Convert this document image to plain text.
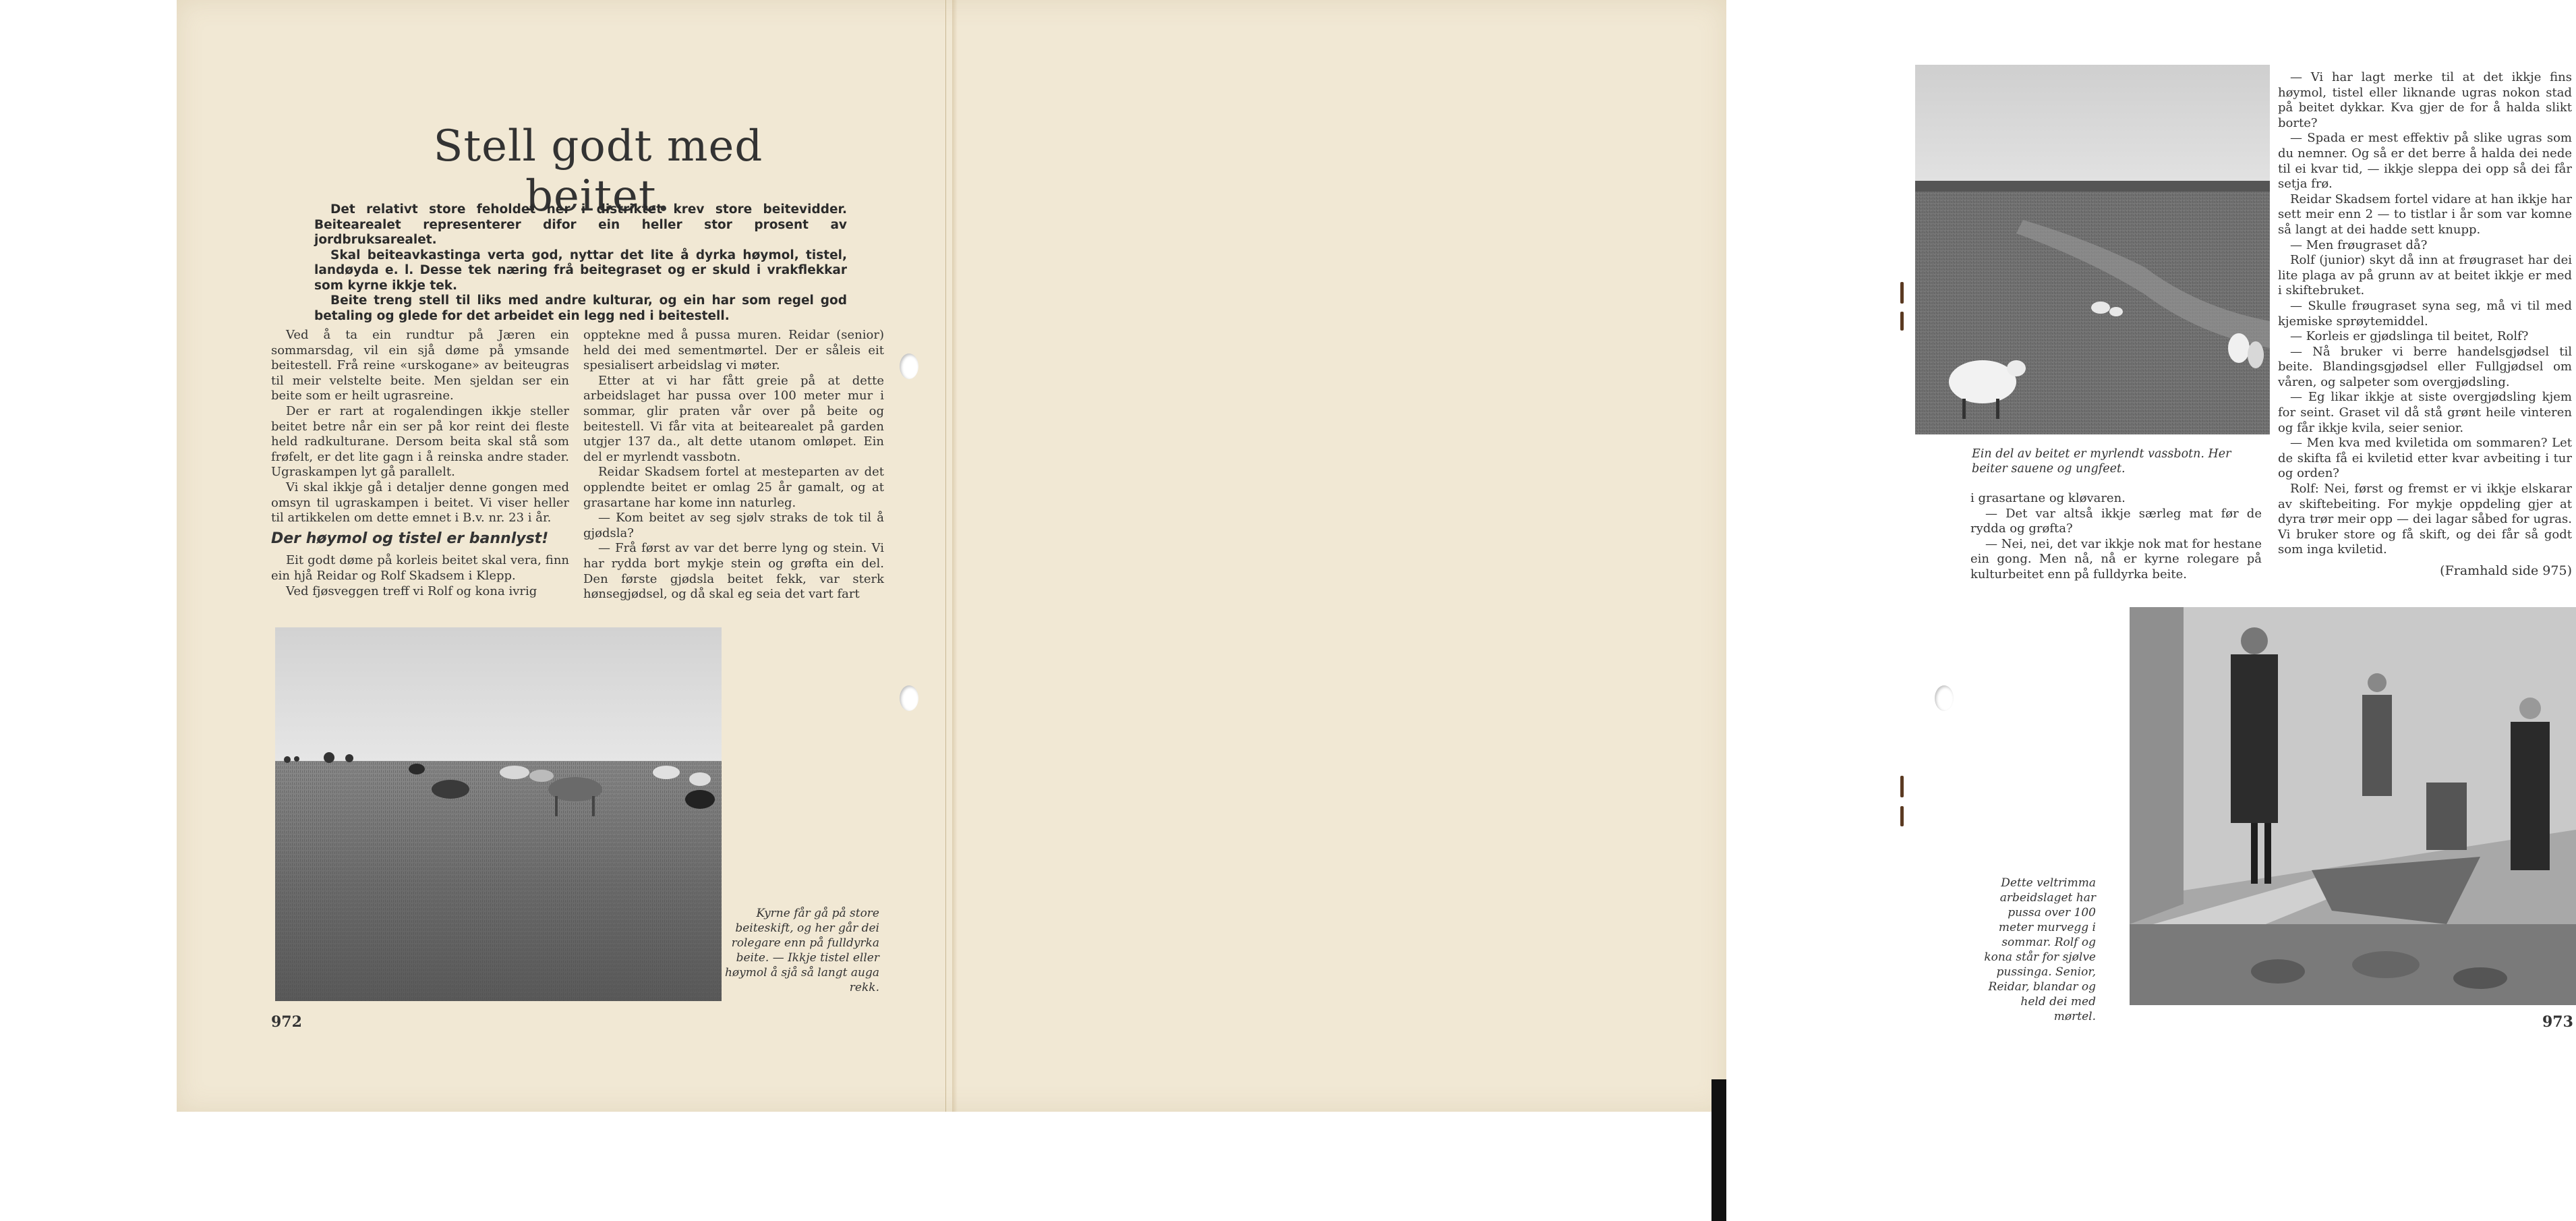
Stell godt med beitet.

Det relativt store feholdet her i distriktet krev store beitevidder. Beitearealet representerer difor ein heller stor prosent av jordbruksarealet.

Skal beiteavkastinga verta god, nyttar det lite å dyrka høymol, tistel, landøyda e. l. Desse tek næring frå beitegraset og er skuld i vrakflekkar som kyrne ikkje tek.

Beite treng stell til liks med andre kulturar, og ein har som regel god betaling og glede for det arbeidet ein legg ned i beitestell.

Ved å ta ein rundtur på Jæren ein sommarsdag, vil ein sjå døme på ymsande beitestell. Frå reine «urskogane» av beiteugras til meir velstelte beite. Men sjeldan ser ein beite som er heilt ugrasreine.

Der er rart at rogalendingen ikkje steller beitet betre når ein ser på kor reint dei fleste held radkulturane. Dersom beita skal stå som frøfelt, er det lite gagn i å reinska andre stader. Ugraskampen lyt gå parallelt.

Vi skal ikkje gå i detaljer denne gongen med omsyn til ugraskampen i beitet. Vi viser heller til artikkelen om dette emnet i B.v. nr. 23 i år.

Der høymol og tistel er bannlyst!

Eit godt døme på korleis beitet skal vera, finn ein hjå Reidar og Rolf Skadsem i Klepp.

Ved fjøsveggen treff vi Rolf og kona ivrig

opptekne med å pussa muren. Reidar (senior) held dei med sementmørtel. Der er såleis eit spesialisert arbeidslag vi møter.

Etter at vi har fått greie på at dette arbeidslaget har pussa over 100 meter mur i sommar, glir praten vår over på beite og beitestell. Vi får vita at beitearealet på garden utgjer 137 da., alt dette utanom omløpet. Ein del er myrlendt vassbotn.

Reidar Skadsem fortel at mesteparten av det opplendte beitet er omlag 25 år gamalt, og at grasartane har kome inn naturleg.

— Kom beitet av seg sjølv straks de tok til å gjødsla?

— Frå først av var det berre lyng og stein. Vi har rydda bort mykje stein og grøfta ein del. Den første gjødsla beitet fekk, var sterk hønsegjødsel, og då skal eg seia det vart fart

Kyrne får gå på store beiteskift, og her går dei rolegare enn på fulldyrka beite. — Ikkje tistel eller høymol å sjå så langt auga rekk.
972
Ein del av beitet er myrlendt vassbotn. Her beiter sauene og ungfeet.

i grasartane og kløvaren.

— Det var altså ikkje særleg mat før de rydda og grøfta?

— Nei, nei, det var ikkje nok mat for hestane ein gong. Men nå, nå er kyrne rolegare på kulturbeitet enn på fulldyrka beite.

— Vi har lagt merke til at det ikkje fins høymol, tistel eller liknande ugras nokon stad på beitet dykkar. Kva gjer de for å halda slikt borte?

— Spada er mest effektiv på slike ugras som du nemner. Og så er det berre å halda dei nede til ei kvar tid, — ikkje sleppa dei opp så dei får setja frø.

Reidar Skadsem fortel vidare at han ikkje har sett meir enn 2 — to tistlar i år som var komne så langt at dei hadde sett knupp.

— Men frøugraset då?

Rolf (junior) skyt då inn at frøugraset har dei lite plaga av på grunn av at beitet ikkje er med i skiftebruket.

— Skulle frøugraset syna seg, må vi til med kjemiske sprøytemiddel.

— Korleis er gjødslinga til beitet, Rolf?

— Nå bruker vi berre handelsgjødsel til beite. Blandingsgjødsel eller Fullgjødsel om våren, og salpeter som overgjødsling.

— Eg likar ikkje at siste overgjødsling kjem for seint. Graset vil då stå grønt heile vinteren og får ikkje kvila, seier senior.

— Men kva med kviletida om sommaren? Let de skifta få ei kviletid etter kvar avbeiting i tur og orden?

Rolf: Nei, først og fremst er vi ikkje elskarar av skiftebeiting. For mykje oppdeling gjer at dyra trør meir opp — dei lagar såbed for ugras. Vi bruker store og få skift, og dei får så godt som inga kviletid.

(Framhald side 975)

Dette veltrimma arbeidslaget har pussa over 100 meter murvegg i sommar. Rolf og kona står for sjølve pussinga. Senior, Reidar, blandar og held dei med mørtel.	973
